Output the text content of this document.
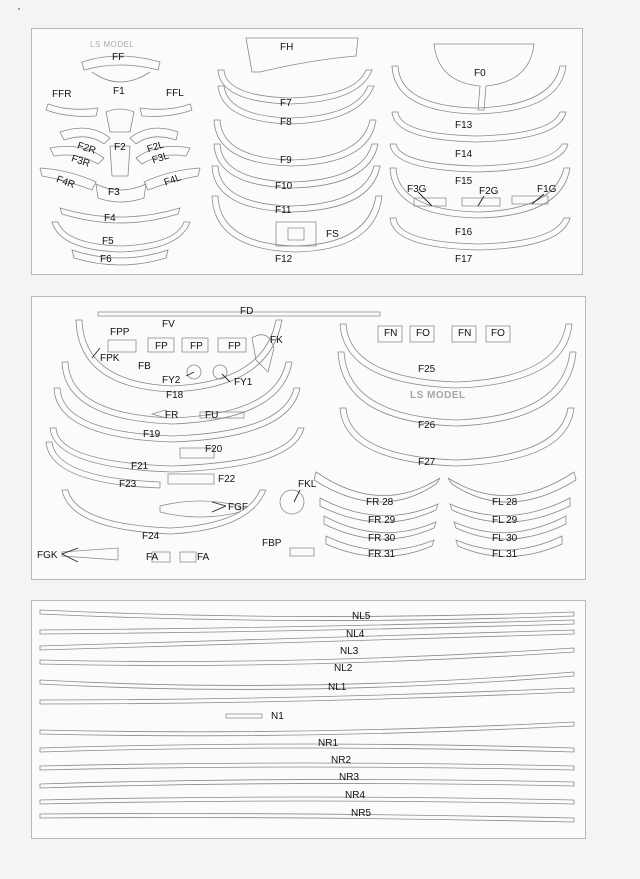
LS MODEL
LS MODEL
FF
FFR	F1	FFL
F2R F2 F2L
F3R	F3L
F4R
F3
F4L
F4
F5
F6
FH
F7
F8
F9
F10
F11
FS
F12
F0
F13
F14
F15
F3G	F2G	F1G
F16
F17
FD
FV
FPP
FP FP	FP
FK
FPK
FB
FY2	FY1
F18
FR	FU
F19
F20
F21
F22
F23	FKL
FGF
F24
FBP
FGK	FA	FA
FN FO	FN FO
F25
F26
F27
FR 28	FL 28
FR 29	FL 29
FR 30	FL 30
FR 31	FL 31
NL5
NL4
NL3
NL2
NL1
N1
NR1
NR2
NR3
NR4
NR5
